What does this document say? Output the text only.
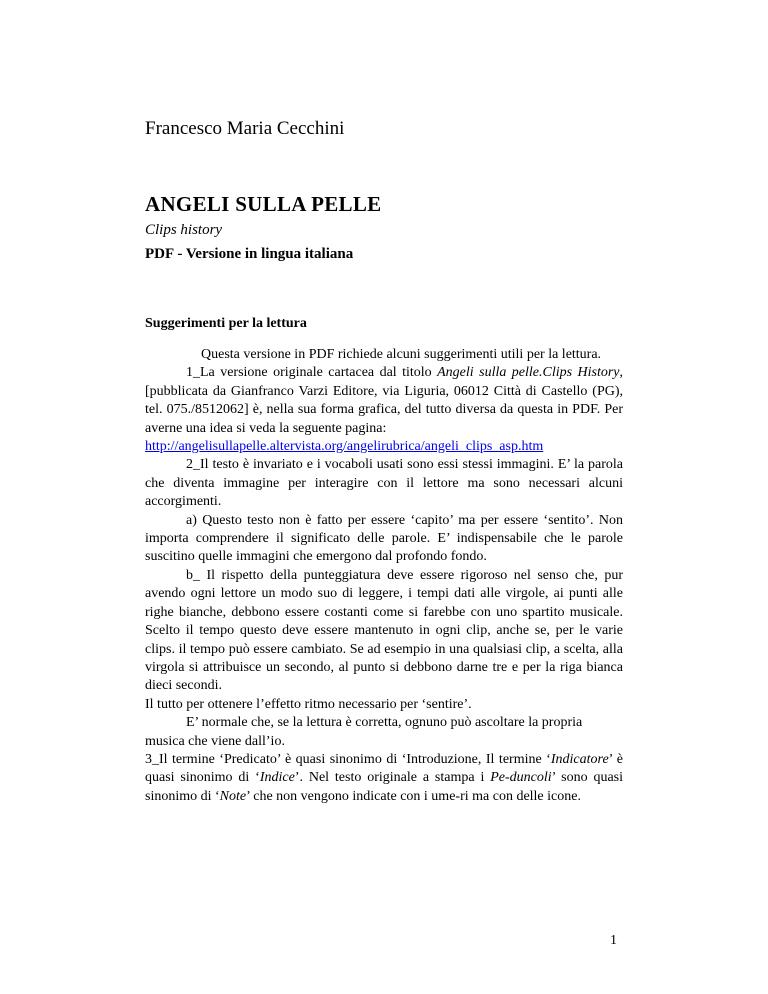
Francesco Maria Cecchini
ANGELI SULLA PELLE
Clips history
PDF - Versione in lingua italiana
Suggerimenti per la lettura

Questa versione in PDF richiede alcuni suggerimenti utili per la lettura.

1_La versione originale cartacea dal titolo Angeli sulla pelle.Clips History, [pubblicata da Gianfranco Varzi Editore, via Liguria, 06012 Città di Castello (PG), tel. 075./8512062] è, nella sua forma grafica, del tutto diversa da questa in PDF. Per averne una idea si veda la seguente pagina:

http://angelisullapelle.altervista.org/angelirubrica/angeli_clips_asp.htm

2_Il testo è invariato e i vocaboli usati sono essi stessi immagini. E’ la parola che diventa immagine per interagire con il lettore ma sono necessari alcuni accorgimenti.

a) Questo testo non è fatto per essere ‘capito’ ma per essere ‘sentito’. Non importa comprendere il significato delle parole. E’ indispensabile che le parole suscitino quelle immagini che emergono dal profondo fondo.

b_ Il rispetto della punteggiatura deve essere rigoroso nel senso che, pur avendo ogni lettore un modo suo di leggere, i tempi dati alle virgole, ai punti alle righe bianche, debbono essere costanti come si farebbe con uno spartito musicale. Scelto il tempo questo deve essere mantenuto in ogni clip, anche se, per le varie clips. il tempo può essere cambiato. Se ad esempio in una qualsiasi clip, a scelta, alla virgola si attribuisce un secondo, al punto si debbono darne tre e per la riga bianca dieci secondi.

Il tutto per ottenere l’effetto ritmo necessario per ‘sentire’.

E’ normale che, se la lettura è corretta, ognuno può ascoltare la propria musica che viene dall’io.

3_Il termine ‘Predicato’ è quasi sinonimo di ‘Introduzione, Il termine ‘Indicatore’ è quasi sinonimo di ‘Indice’. Nel testo originale a stampa i Pe-duncoli’ sono quasi sinonimo di ‘Note’ che non vengono indicate con i ume-ri ma con delle icone.

1
